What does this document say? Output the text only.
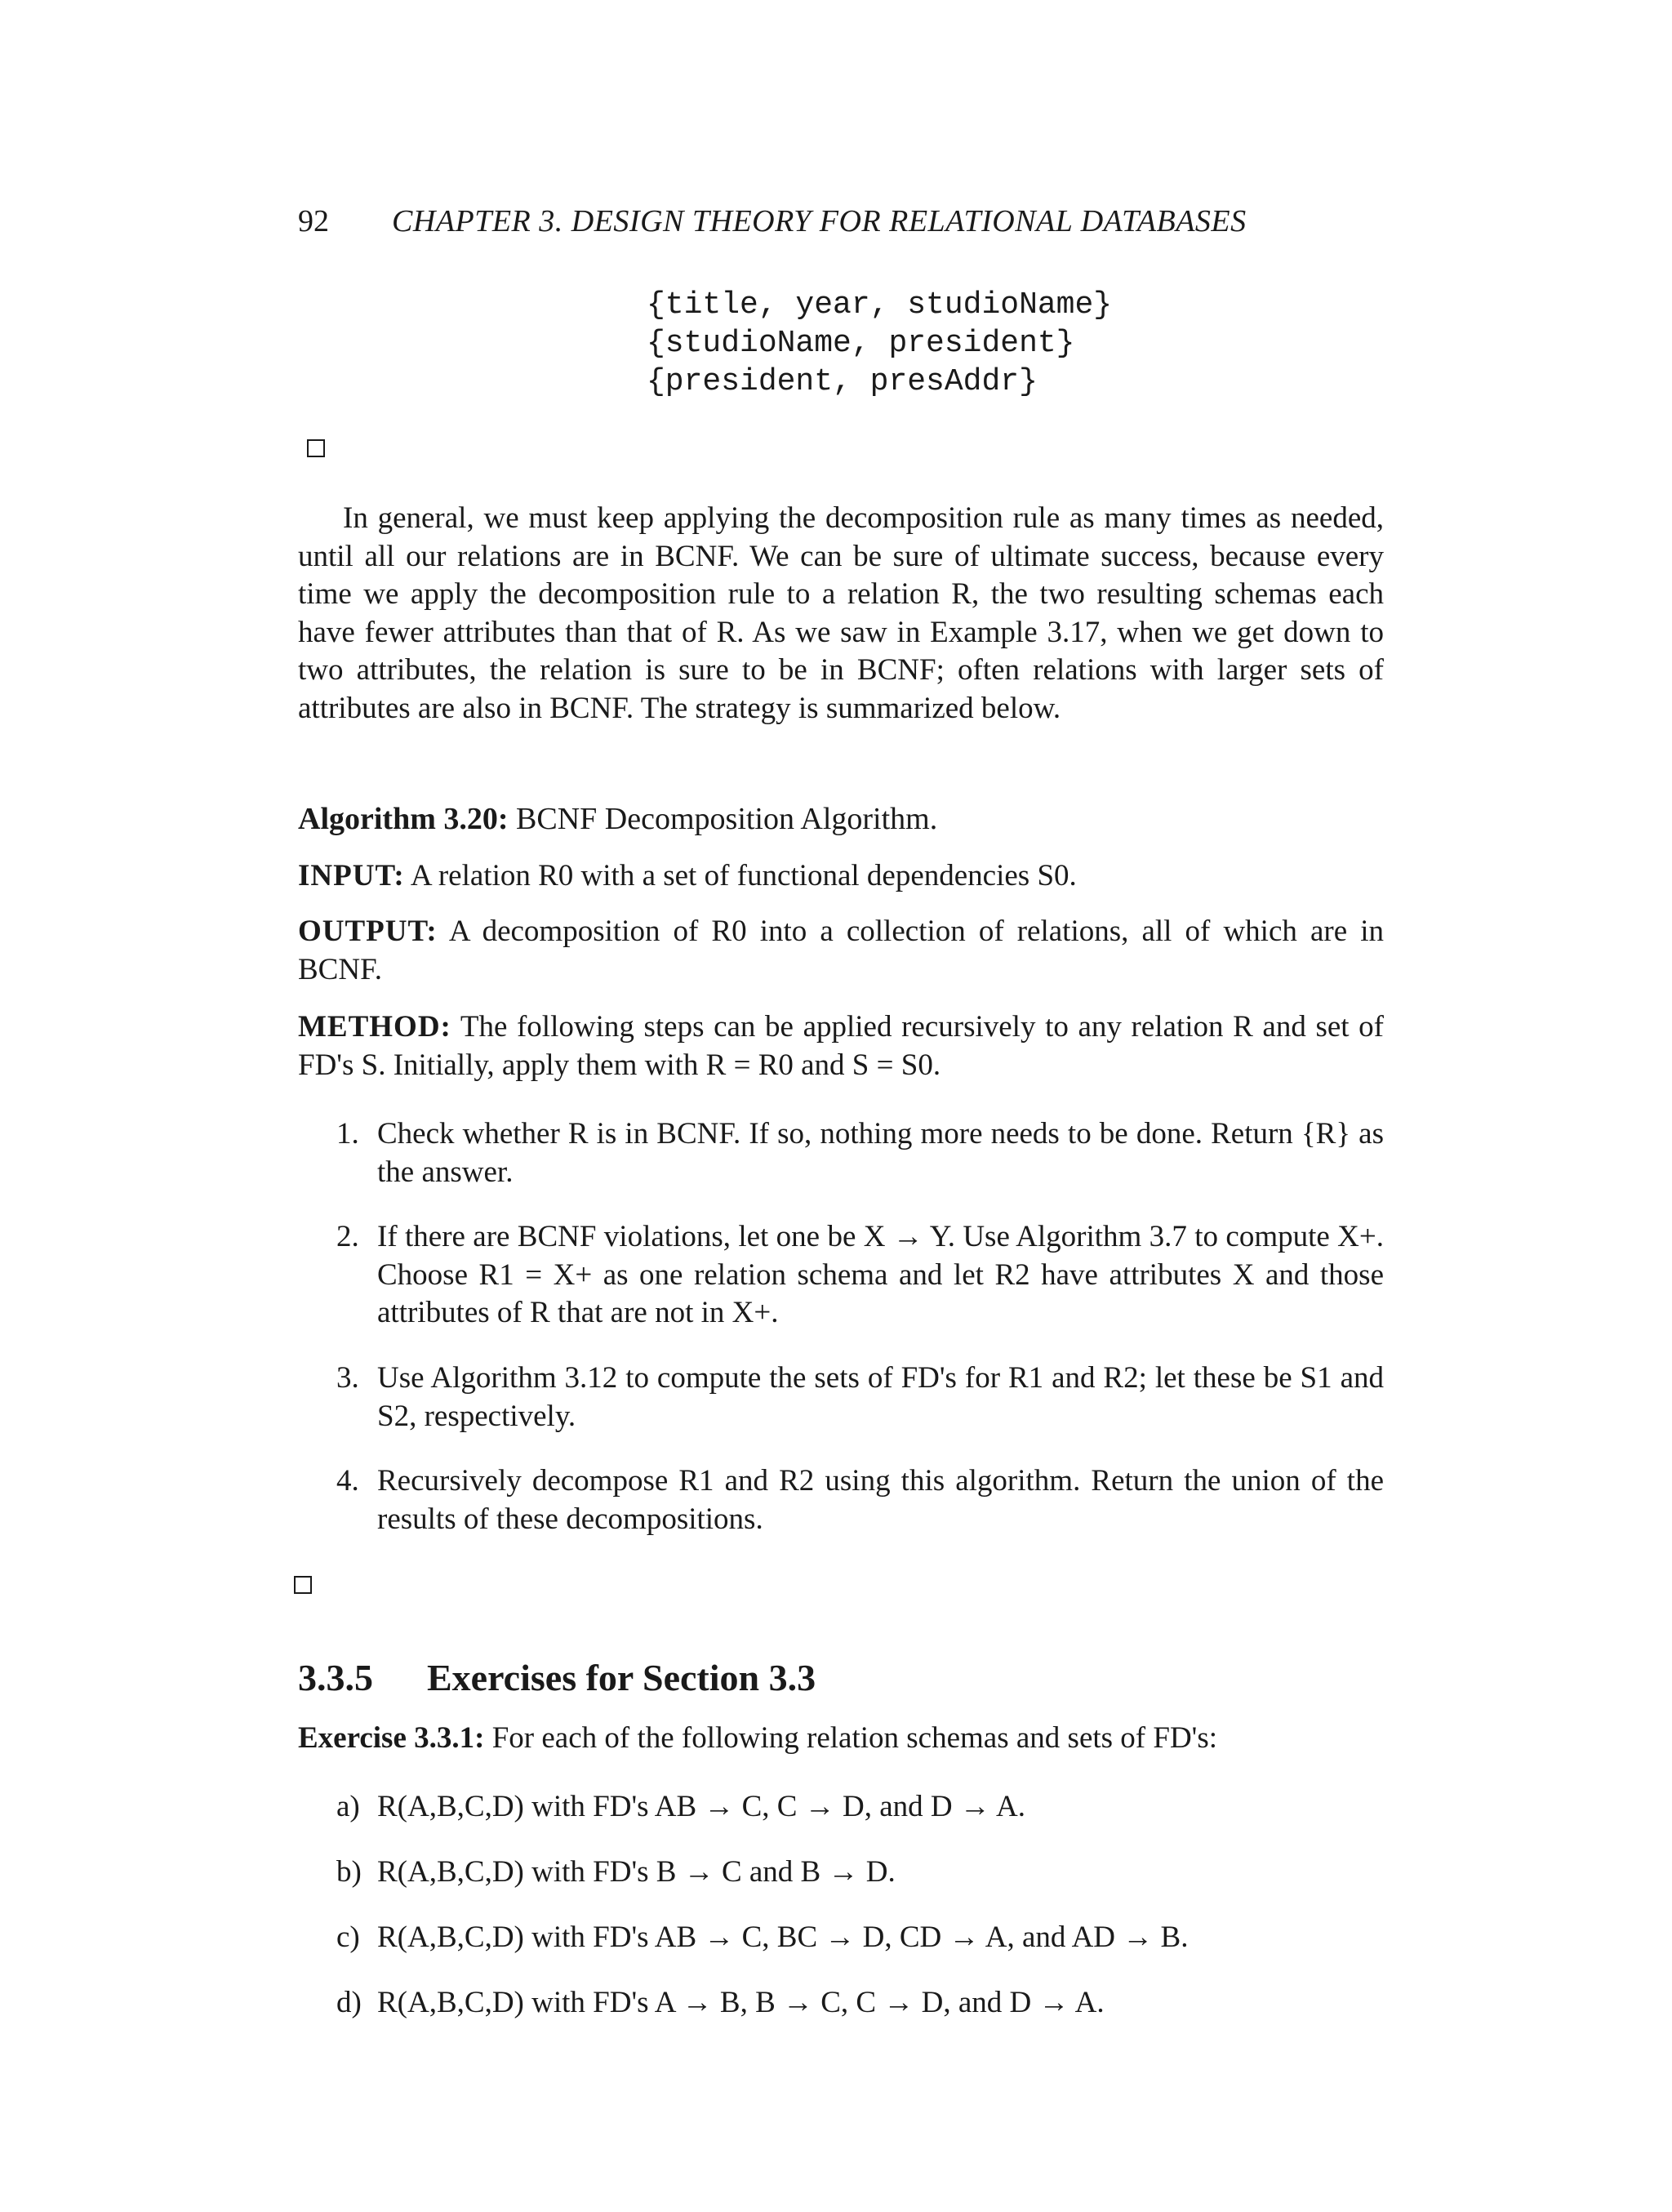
92 CHAPTER 3. DESIGN THEORY FOR RELATIONAL DATABASES
{title, year, studioName}
{studioName, president}
{president, presAddr}
In general, we must keep applying the decomposition rule as many times as needed, until all our relations are in BCNF. We can be sure of ultimate success, because every time we apply the decomposition rule to a relation R, the two resulting schemas each have fewer attributes than that of R. As we saw in Example 3.17, when we get down to two attributes, the relation is sure to be in BCNF; often relations with larger sets of attributes are also in BCNF. The strategy is summarized below.
Algorithm 3.20: BCNF Decomposition Algorithm.
INPUT: A relation R0 with a set of functional dependencies S0.
OUTPUT: A decomposition of R0 into a collection of relations, all of which are in BCNF.
METHOD: The following steps can be applied recursively to any relation R and set of FD's S. Initially, apply them with R = R0 and S = S0.
1. Check whether R is in BCNF. If so, nothing more needs to be done. Return {R} as the answer.
2. If there are BCNF violations, let one be X → Y. Use Algorithm 3.7 to compute X+. Choose R1 = X+ as one relation schema and let R2 have attributes X and those attributes of R that are not in X+.
3. Use Algorithm 3.12 to compute the sets of FD's for R1 and R2; let these be S1 and S2, respectively.
4. Recursively decompose R1 and R2 using this algorithm. Return the union of the results of these decompositions.
3.3.5 Exercises for Section 3.3
Exercise 3.3.1: For each of the following relation schemas and sets of FD's:
a) R(A,B,C,D) with FD's AB → C, C → D, and D → A.
b) R(A,B,C,D) with FD's B → C and B → D.
c) R(A,B,C,D) with FD's AB → C, BC → D, CD → A, and AD → B.
d) R(A,B,C,D) with FD's A → B, B → C, C → D, and D → A.
